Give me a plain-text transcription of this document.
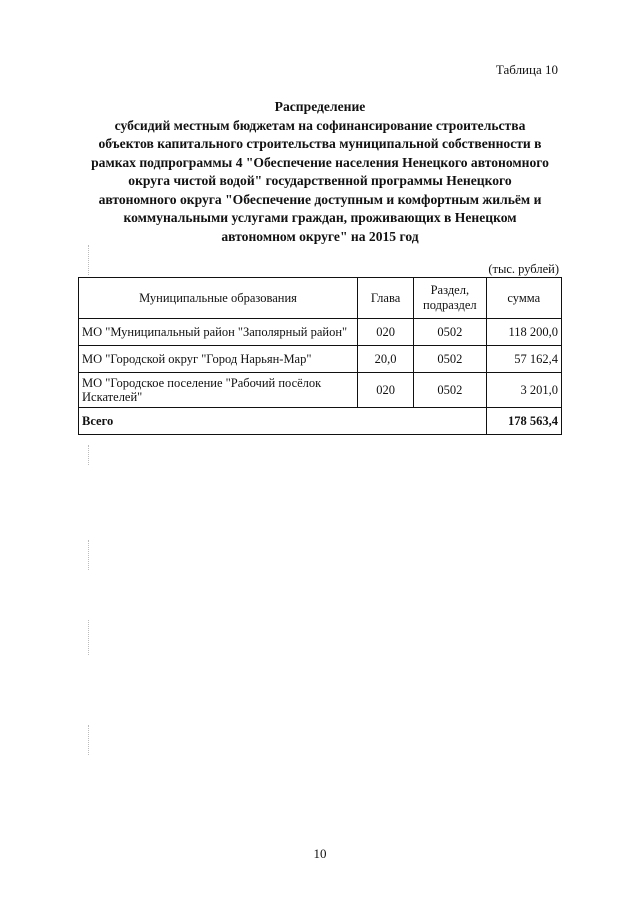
Таблица 10
Распределение
субсидий местным бюджетам на софинансирование строительства
объектов капитального строительства муниципальной собственности в
рамках подпрограммы 4 "Обеспечение населения Ненецкого автономного
округа чистой водой" государственной программы Ненецкого
автономного округа "Обеспечение доступным и комфортным жильём и
коммунальными услугами граждан, проживающих в Ненецком
автономном округе" на 2015 год
(тыс. рублей)
Муниципальные образования	Глава	Раздел, подраздел	сумма
МО "Муниципальный район "Заполярный район"	020	0502	118 200,0
МО "Городской округ "Город Нарьян-Мар"	20,0	0502	57 162,4
МО "Городское поселение "Рабочий посёлок Искателей"	020	0502	3 201,0
Всего			178 563,4
10
